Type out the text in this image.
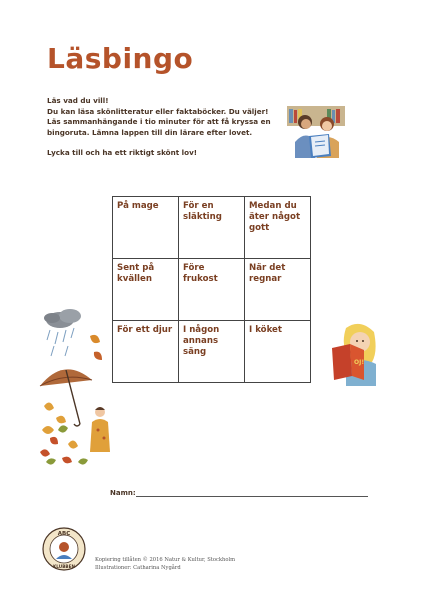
Läsbingo

Läs vad du vill!

Du kan läsa skönlitteratur eller faktaböcker. Du väljer!

Läs sammanhängande i tio minuter för att få kryssa en

bingoruta. Lämna lappen till din lärare efter lovet.

Lycka till och ha ett riktigt skönt lov!

På mage	För en släkting	Medan du äter något gott
Sent på kvällen	Före frukost	När det regnar
För ett djur	I någon annans säng	I köket
OJ!
Namn:
ABC
KLUBBEN
Kopiering tillåten © 2016 Natur & Kultur, Stockholm
Illustrationer: Catharina Nygård
